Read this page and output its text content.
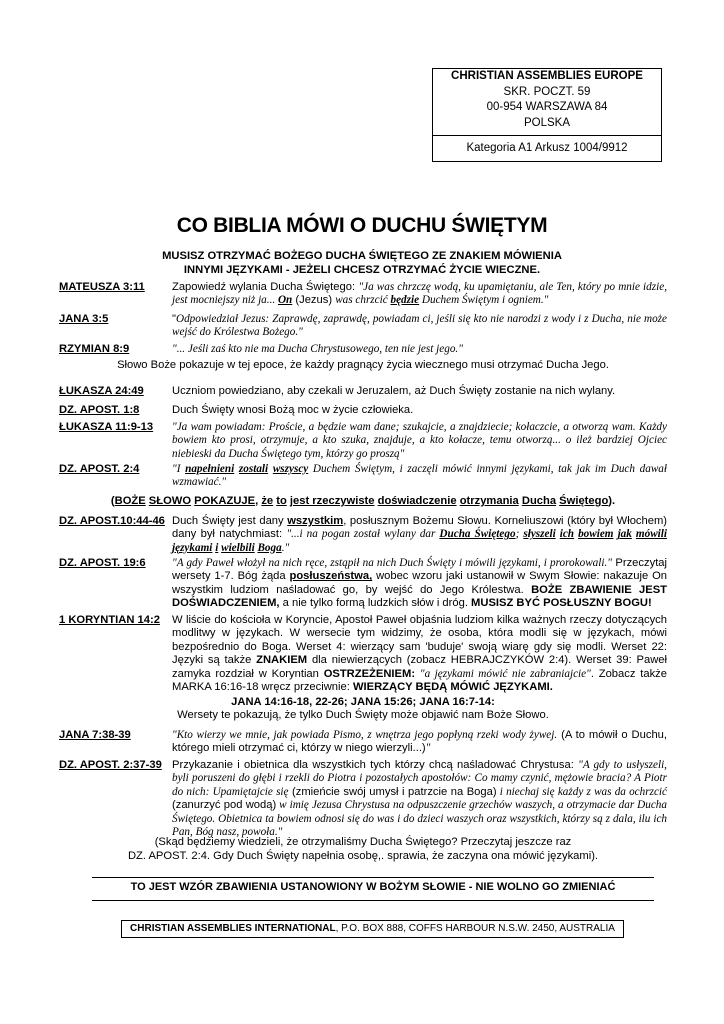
CHRISTIAN ASSEMBLIES EUROPE
SKR. POCZT. 59
00-954 WARSZAWA 84
POLSKA
Kategoria A1 Arkusz 1004/9912
CO BIBLIA MÓWI O DUCHU ŚWIĘTYM
MUSISZ OTRZYMAĆ BOŻEGO DUCHA ŚWIĘTEGO ZE ZNAKIEM MÓWIENIA
INNYMI JĘZYKAMI - JEŻELI CHCESZ OTRZYMAĆ ŻYCIE WIECZNE.
MATEUSZA 3:11 Zapowiedź wylania Ducha Świętego: "Ja was chrzczę wodą, ku upamiętaniu, ale Ten, który po mnie idzie, jest mocniejszy niż ja... On (Jezus) was chrzcić będzie Duchem Świętym i ogniem."
JANA 3:5	"Odpowiedział Jezus: Zaprawdę, zaprawdę, powiadam ci, jeśli się kto nie narodzi z wody i z Ducha, nie może wejść do Królestwa Bożego."
RZYMIAN 8:9	"... Jeśli zaś kto nie ma Ducha Chrystusowego, ten nie jest jego."
Słowo Boże pokazuje w tej epoce, że każdy pragnący życia wiecznego musi otrzymać Ducha Jego.
ŁUKASZA 24:49	Uczniom powiedziano, aby czekali w Jeruzalem, aż Duch Święty zostanie na nich wylany.
DZ. APOST. 1:8	Duch Święty wnosi Bożą moc w życie człowieka.
ŁUKASZA 11:9-13 "Ja wam powiadam: Proście, a będzie wam dane; szukajcie, a znajdziecie; kołaczcie, a otworzą wam. Każdy bowiem kto prosi, otrzymuje, a kto szuka, znajduje, a kto kołacze, temu otworzą... o ileż bardziej Ojciec niebieski da Ducha Świętego tym, którzy go proszą"
DZ. APOST. 2:4	"I napełnieni zostali wszyscy Duchem Świętym, i zaczęli mówić innymi językami, tak jak im Duch dawał wzmawiać."
(BOŻE SŁOWO POKAZUJE, że to jest rzeczywiste doświadczenie otrzymania Ducha Świętego).
DZ. APOST.10:44-46 Duch Święty jest dany wszystkim, posłusznym Bożemu Słowu. Korneliuszowi (który był Włochem) dany był natychmiast: "...i na pogan został wylany dar Ducha Świętego; słyszeli ich bowiem jak mówili językami i wielbili Boga."
DZ. APOST. 19:6 "A gdy Paweł włożył na nich ręce, zstąpił na nich Duch Święty i mówili językami, i prorokowali." Przeczytaj wersety 1-7. Bóg żąda posłuszeństwa, wobec wzoru jaki ustanowił w Swym Słowie: nakazuje On wszystkim ludziom naśladować go, by wejść do Jego Królestwa. BOŻE ZBAWIENIE JEST DOŚWIADCZENIEM, a nie tylko formą ludzkich słów i dróg. MUSISZ BYĆ POSŁUSZNY BOGU!
1 KORYNTIAN 14:2 W liście do kościoła w Koryncie, Apostoł Paweł objaśnia ludziom kilka ważnych rzeczy dotyczących modlitwy w językach. W wersecie tym widzimy, że osoba, która modli się w językach, mówi bezpośrednio do Boga. Werset 4: wierzący sam 'buduje' swoją wiarę gdy się modli. Werset 22: Języki są także ZNAKIEM dla niewierzących (zobacz HEBRAJCZYKÓW 2:4). Werset 39: Paweł zamyka rozdział w Koryntian OSTRZEŻENIEM: "a językami mówić nie zabraniajcie". Zobacz także MARKA 16:16-18 wręcz przeciwnie: WIERZĄCY BĘDĄ MÓWIĆ JĘZYKAMI.
JANA 14:16-18, 22-26; JANA 15:26; JANA 16:7-14:
Wersety te pokazują, że tylko Duch Święty może objawić nam Boże Słowo.
JANA 7:38-39	"Kto wierzy we mnie, jak powiada Pismo, z wnętrza jego popłyną rzeki wody żywej. (A to mówił o Duchu, którego mieli otrzymać ci, którzy w niego wierzyli...)"
DZ. APOST. 2:37-39 Przykazanie i obietnica dla wszystkich tych którzy chcą naśladować Chrystusa: "A gdy to usłyszeli, byli poruszeni do głębi i rzekli do Piotra i pozostałych apostołów: Co mamy czynić, mężowie bracia? A Piotr do nich: Upamiętajcie się (zmieńcie swój umysł i patrzcie na Boga) i niechaj się każdy z was da ochrzcić (zanurzyć pod wodą) w imię Jezusa Chrystusa na odpuszczenie grzechów waszych, a otrzymacie dar Ducha Świętego. Obietnica ta bowiem odnosi się do was i do dzieci waszych oraz wszystkich, którzy są z dala, ilu ich Pan, Bóg nasz, powoła."
(Skąd będziemy wiedzieli, że otrzymaliśmy Ducha Świętego? Przeczytaj jeszcze raz
DZ. APOST. 2:4. Gdy Duch Święty napełnia osobę,. sprawia, że zaczyna ona mówić językami).
TO JEST WZÓR ZBAWIENIA USTANOWIONY W BOŻYM SŁOWIE - NIE WOLNO GO ZMIENIAĆ
CHRISTIAN ASSEMBLIES INTERNATIONAL, P.O. BOX 888, COFFS HARBOUR N.S.W. 2450, AUSTRALIA
